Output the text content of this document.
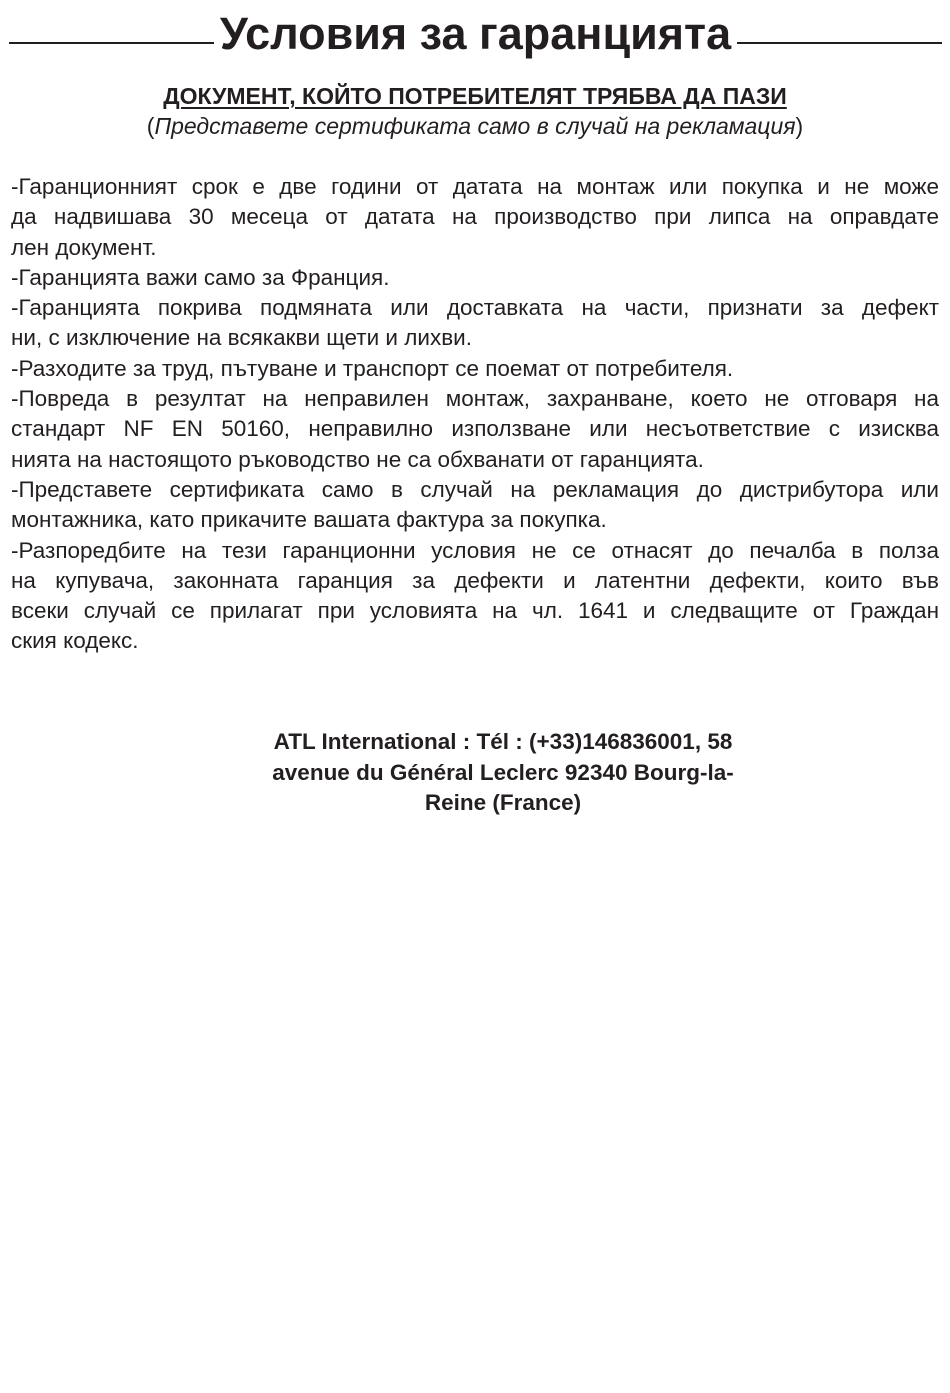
Условия за гаранцията
ДОКУМЕНТ, КОЙТО ПОТРЕБИТЕЛЯТ ТРЯБВА ДА ПАЗИ
(Представете сертификата само в случай на рекламация)
-Гаранционният срок е две години от датата на монтаж или покупка и не може
да надвишава 30 месеца от датата на производство при липса на оправдате
лен документ.
-Гаранцията важи само за Франция.
-Гаранцията покрива подмяната или доставката на части, признати за дефект
ни, с изключение на всякакви щети и лихви.
-Разходите за труд, пътуване и транспорт се поемат от потребителя.
-Повреда в резултат на неправилен монтаж, захранване, което не отговаря на
стандарт NF EN 50160, неправилно използване или несъответствие с изисква
нията на настоящото ръководство не са обхванати от гаранцията.
-Представете сертификата само в случай на рекламация до дистрибутора или
монтажника, като прикачите вашата фактура за покупка.
-Разпоредбите на тези гаранционни условия не се отнасят до печалба в полза
на купувача, законната гаранция за дефекти и латентни дефекти, които във
всеки случай се прилагат при условията на чл. 1641 и следващите от Граждан
ския кодекс.
ATL International : Tél : (+33)146836001, 58
avenue du Général Leclerc 92340 Bourg-la-
Reine (France)
